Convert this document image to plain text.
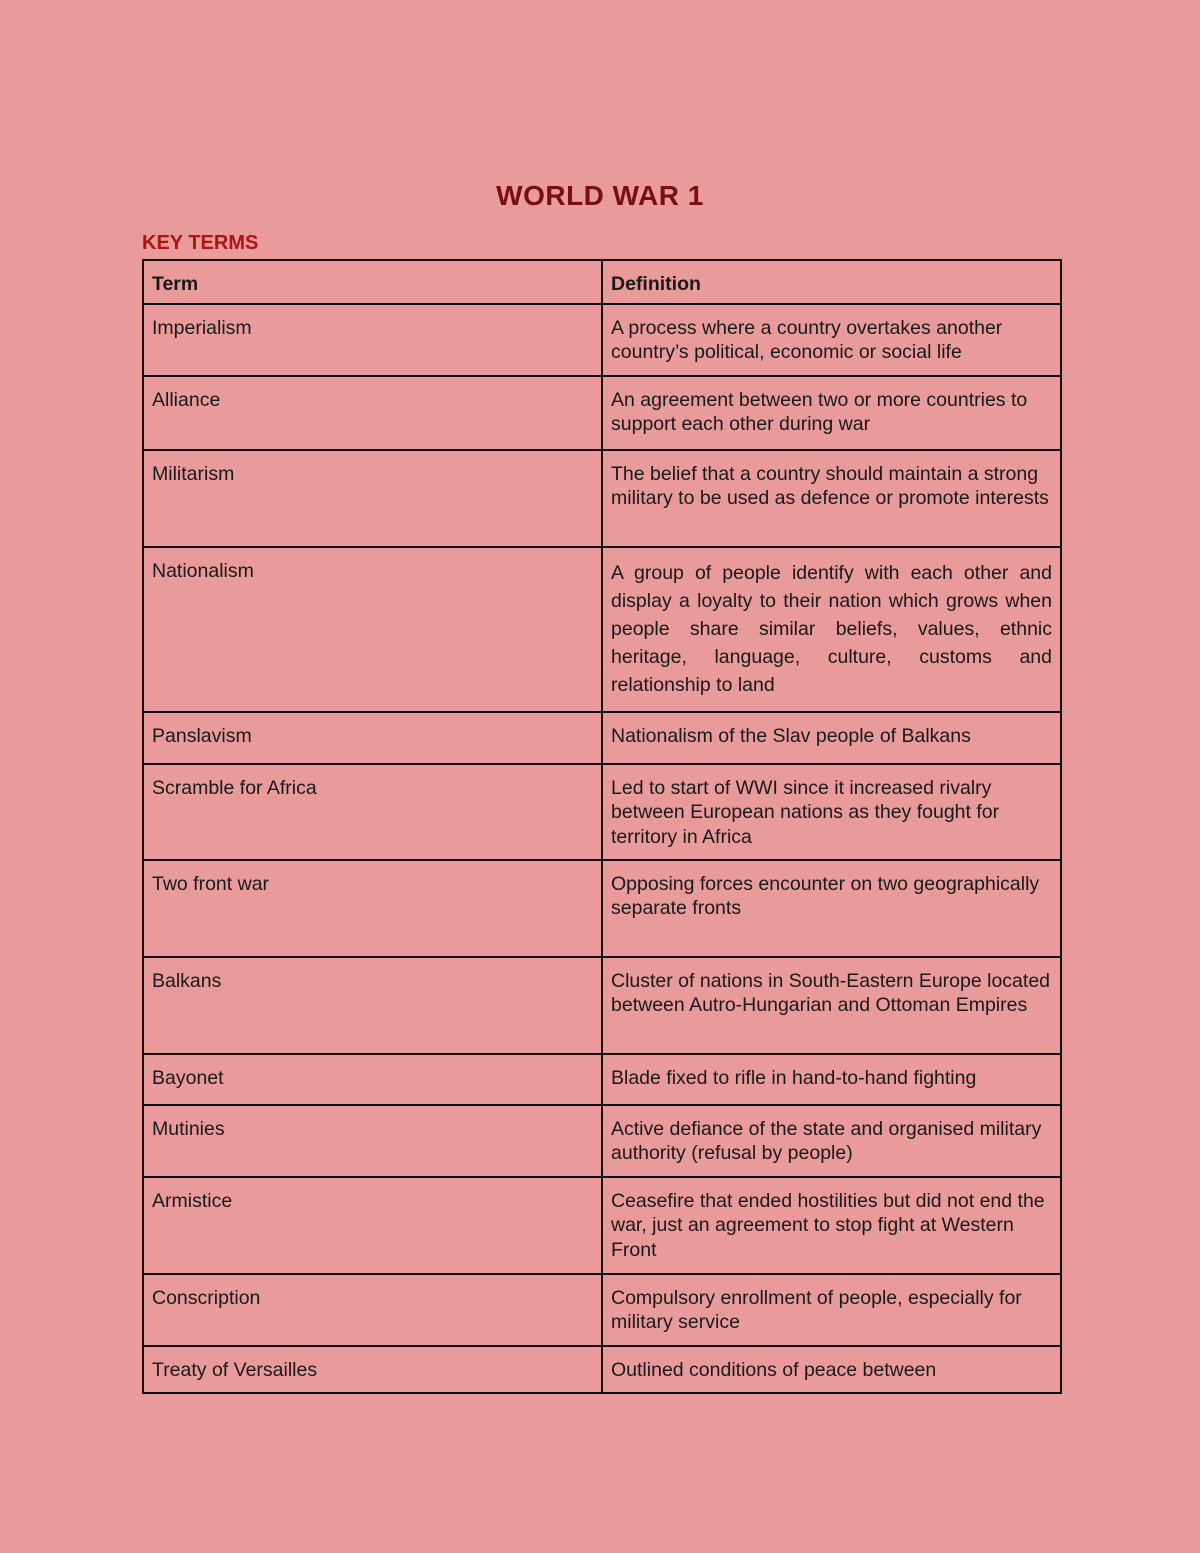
WORLD WAR 1
KEY TERMS
Term	Definition
Imperialism	A process where a country overtakes another country’s political, economic or social life
Alliance	An agreement between two or more countries to support each other during war
Militarism	The belief that a country should maintain a strong military to be used as defence or promote interests
Nationalism	A group of people identify with each other and display a loyalty to their nation which grows when people share similar beliefs, values, ethnic heritage, language, culture, customs and relationship to land
Panslavism	Nationalism of the Slav people of Balkans
Scramble for Africa	Led to start of WWI since it increased rivalry between European nations as they fought for territory in Africa
Two front war	Opposing forces encounter on two geographically separate fronts
Balkans	Cluster of nations in South-Eastern Europe located between Autro-Hungarian and Ottoman Empires
Bayonet	Blade fixed to rifle in hand-to-hand fighting
Mutinies	Active defiance of the state and organised military authority (refusal by people)
Armistice	Ceasefire that ended hostilities but did not end the war, just an agreement to stop fight at Western Front
Conscription	Compulsory enrollment of people, especially for military service
Treaty of Versailles	Outlined conditions of peace between
